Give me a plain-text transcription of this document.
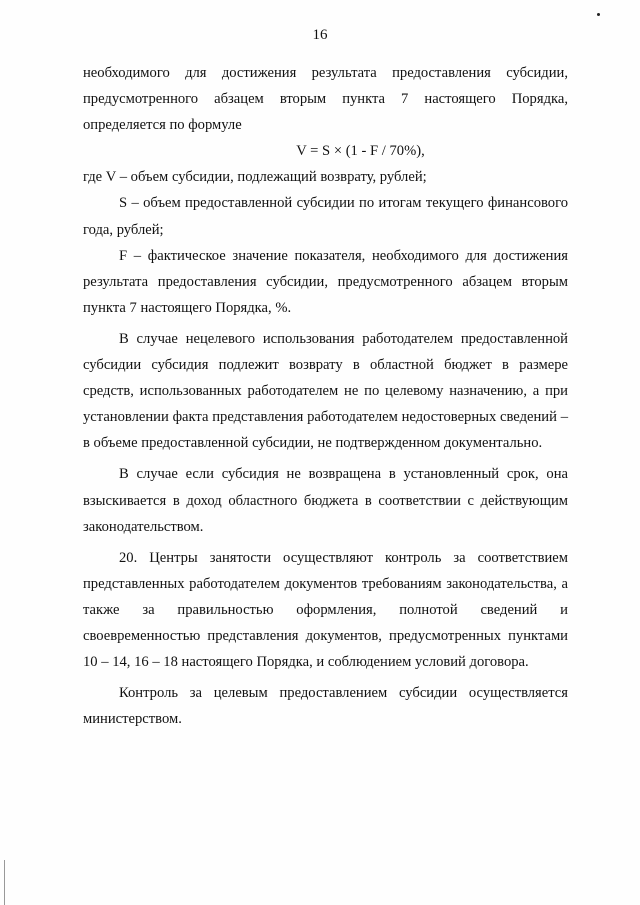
16

необходимого для достижения результата предоставления субсидии, предусмотренного абзацем вторым пункта 7 настоящего Порядка, определяется по формуле

V = S × (1 - F / 70%),

где V – объем субсидии, подлежащий возврату, рублей;

S – объем предоставленной субсидии по итогам текущего финансового года, рублей;

F – фактическое значение показателя, необходимого для достижения результата предоставления субсидии, предусмотренного абзацем вторым пункта 7 настоящего Порядка, %.

В случае нецелевого использования работодателем предоставленной субсидии субсидия подлежит возврату в областной бюджет в размере средств, использованных работодателем не по целевому назначению, а при установлении факта представления работодателем недостоверных сведений – в объеме предоставленной субсидии, не подтвержденном документально.

В случае если субсидия не возвращена в установленный срок, она взыскивается в доход областного бюджета в соответствии с действующим законодательством.

20. Центры занятости осуществляют контроль за соответствием представленных работодателем документов требованиям законодательства, а также за правильностью оформления, полнотой сведений и своевременностью представления документов, предусмотренных пунктами 10 – 14, 16 – 18 настоящего Порядка, и соблюдением условий договора.

Контроль за целевым предоставлением субсидии осуществляется министерством.
